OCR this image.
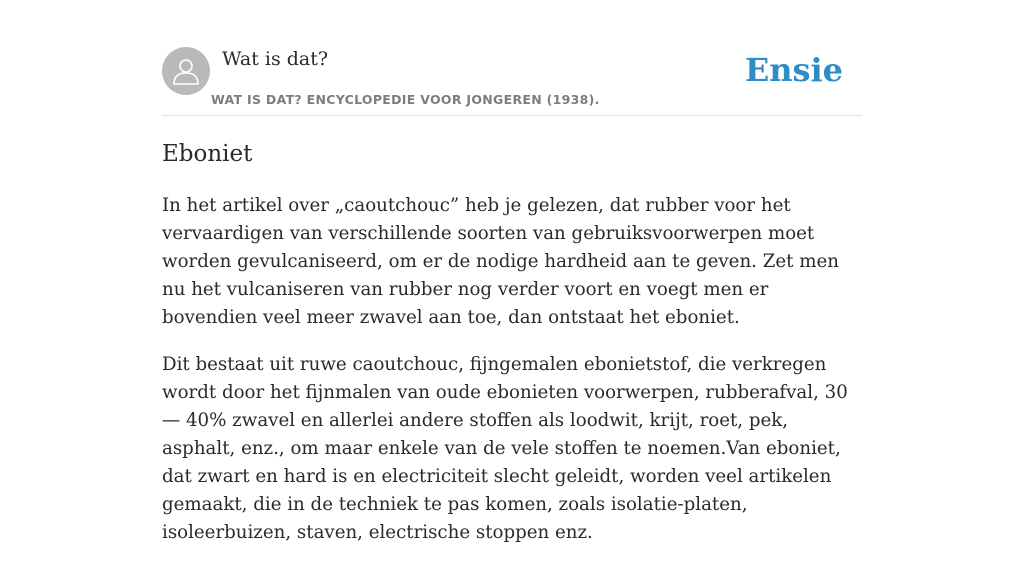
Wat is dat?
WAT IS DAT? ENCYCLOPEDIE VOOR JONGEREN (1938).
Ensie
Eboniet

In het artikel over „caoutchouc” heb je gelezen, dat rubber voor het vervaardigen van verschillende soorten van gebruiksvoorwerpen moet worden gevulcaniseerd, om er de nodige hardheid aan te geven. Zet men nu het vulcaniseren van rubber nog verder voort en voegt men er bovendien veel meer zwavel aan toe, dan ontstaat het eboniet.

Dit bestaat uit ruwe caoutchouc, fijngemalen ebonietstof, die verkregen wordt door het fijnmalen van oude ebonieten voorwerpen, rubberafval, 30— 40% zwavel en allerlei andere stoffen als loodwit, krijt, roet, pek, asphalt, enz., om maar enkele van de vele stoffen te noemen.Van eboniet, dat zwart en hard is en electriciteit slecht geleidt, worden veel artikelen gemaakt, die in de techniek te pas komen, zoals isolatie-platen, isoleerbuizen, staven, electrische stoppen enz.
